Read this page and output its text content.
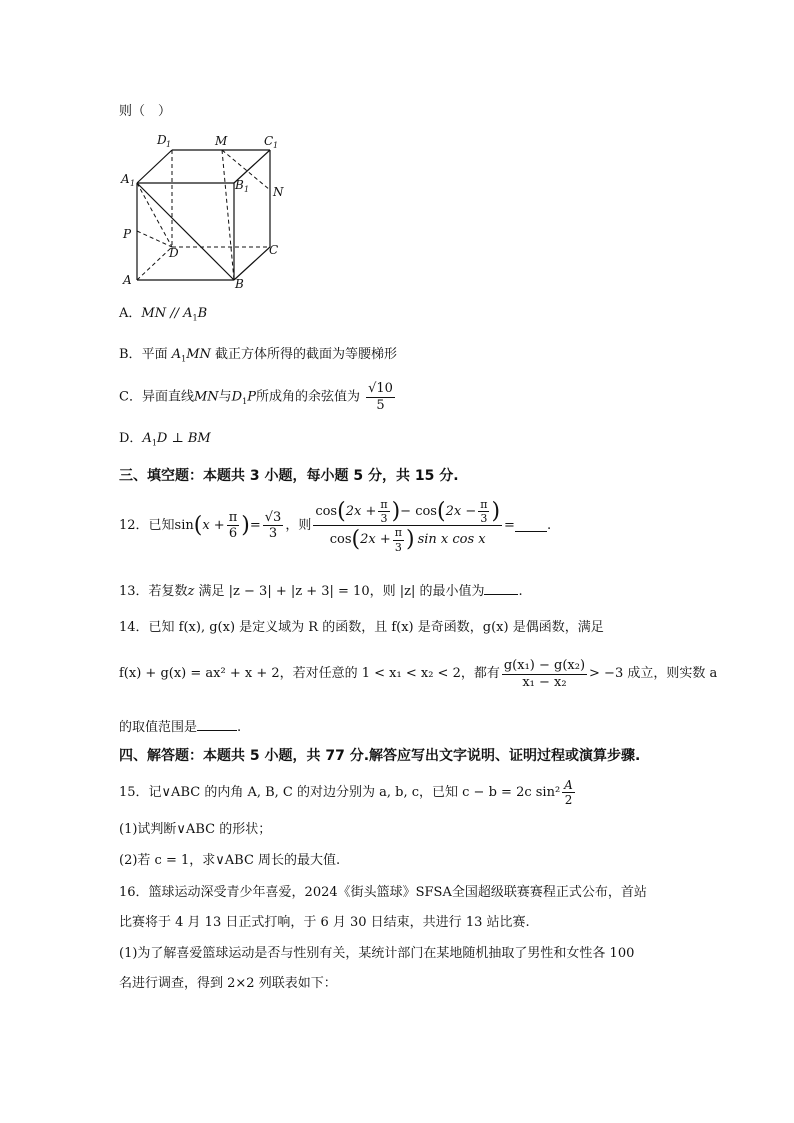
则（　）
D 1	M	C 1
A 1	B 1 N
P
D	C
A	B
A．MN // $A_1B$
B．平面 $A_1MN$ 截正方体所得的截面为等腰梯形
C．异面直线MN与$D_1P$所成角的余弦值为 $\frac{√10}{5}$
D．$A_1D$ ⊥ BM
三、填空题：本题共 3 小题，每小题 5 分，共 15 分.
12．已知 sin ( $x + \frac{\pi}{6}$ ) = $\frac{√3}{3}$ ，则
cos ( $2x + \frac{\pi}{3}$ ) − cos ( $2x - \frac{\pi}{3}$ )
cos ( $2x + \frac{\pi}{3}$ ) sin x cos x
= .
13．若复数z 满足 |z − 3| + |z + 3| = 10，则 |z| 的最小值为	.
14．已知 f(x), g(x) 是定义域为 R 的函数，且 f(x) 是奇函数，g(x) 是偶函数，满足
f(x) + g(x) = ax² + x + 2，若对任意的 1 < x₁ < x₂ < 2，都有 $\frac{\text{g(x₁) − g(x₂)}}{\text{x₁ − x₂}} > -3$ 成立，则实数 a
的取值范围是	.
四、解答题：本题共 5 小题，共 77 分.解答应写出文字说明、证明过程或演算步骤.
15．记∨ABC 的内角 A, B, C 的对边分别为 a, b, c，已知 c − b = 2c $\sin^2 \frac{A}{2}$
(1)试判断∨ABC 的形状；
(2)若 c = 1，求∨ABC 周长的最大值.
16．篮球运动深受青少年喜爱，2024《街头篮球》SFSA全国超级联赛赛程正式公布，首站
比赛将于 4 月 13 日正式打响，于 6 月 30 日结束，共进行 13 站比赛.
(1)为了解喜爱篮球运动是否与性别有关，某统计部门在某地随机抽取了男性和女性各 100
名进行调查，得到 2×2 列联表如下：
